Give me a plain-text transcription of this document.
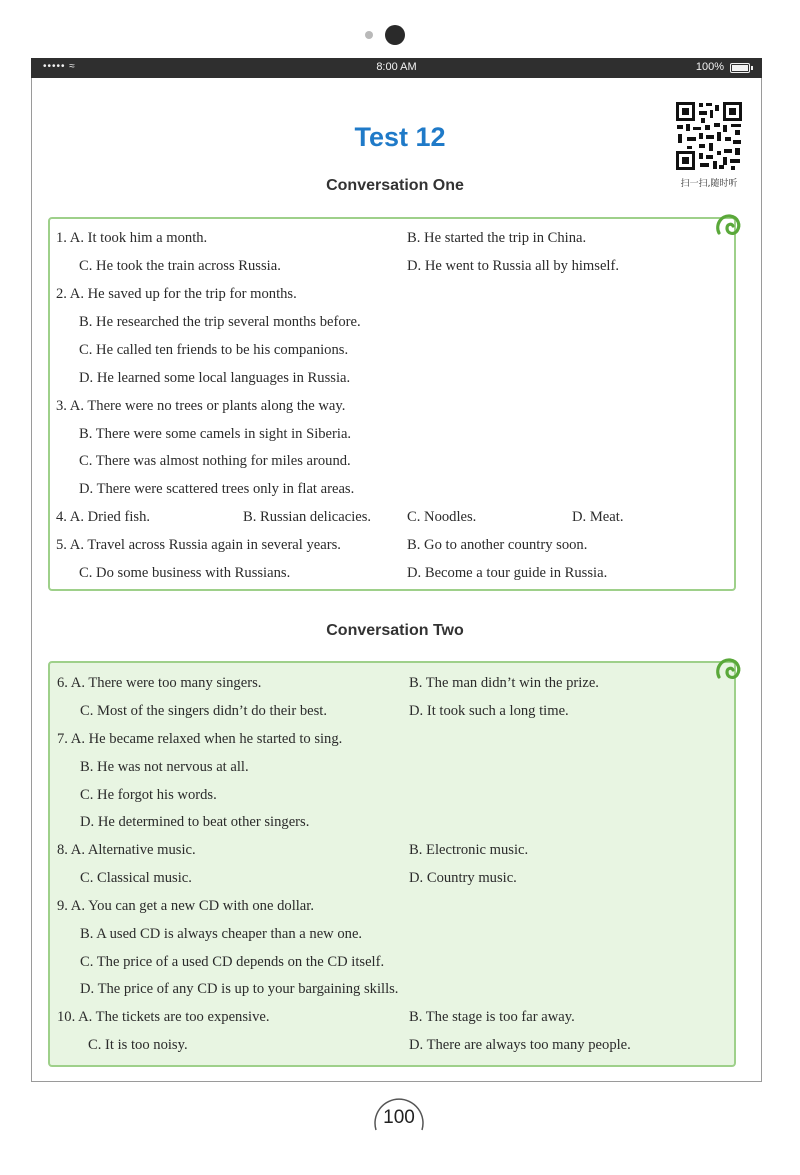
••••• ≈	8:00 AM	100%
Test 12
扫一扫,随时听
Conversation One
1. A. It took him a month.	B. He started the trip in China.
C. He took the train across Russia.	D. He went to Russia all by himself.
2. A. He saved up for the trip for months.
B. He researched the trip several months before.
C. He called ten friends to be his companions.
D. He learned some local languages in Russia.
3. A. There were no trees or plants along the way.
B. There were some camels in sight in Siberia.
C. There was almost nothing for miles around.
D. There were scattered trees only in flat areas.
4. A. Dried fish.	B. Russian delicacies. C. Noodles.	D. Meat.
5. A. Travel across Russia again in several years.	B. Go to another country soon.
C. Do some business with Russians.	D. Become a tour guide in Russia.
Conversation Two
6. A. There were too many singers.	B. The man didn’t win the prize.
C. Most of the singers didn’t do their best.	D. It took such a long time.
7. A. He became relaxed when he started to sing.
B. He was not nervous at all.
C. He forgot his words.
D. He determined to beat other singers.
8. A. Alternative music.	B. Electronic music.
C. Classical music.	D. Country music.
9. A. You can get a new CD with one dollar.
B. A used CD is always cheaper than a new one.
C. The price of a used CD depends on the CD itself.
D. The price of any CD is up to your bargaining skills.
10. A. The tickets are too expensive.	B. The stage is too far away.
C. It is too noisy.	D. There are always too many people.
100
